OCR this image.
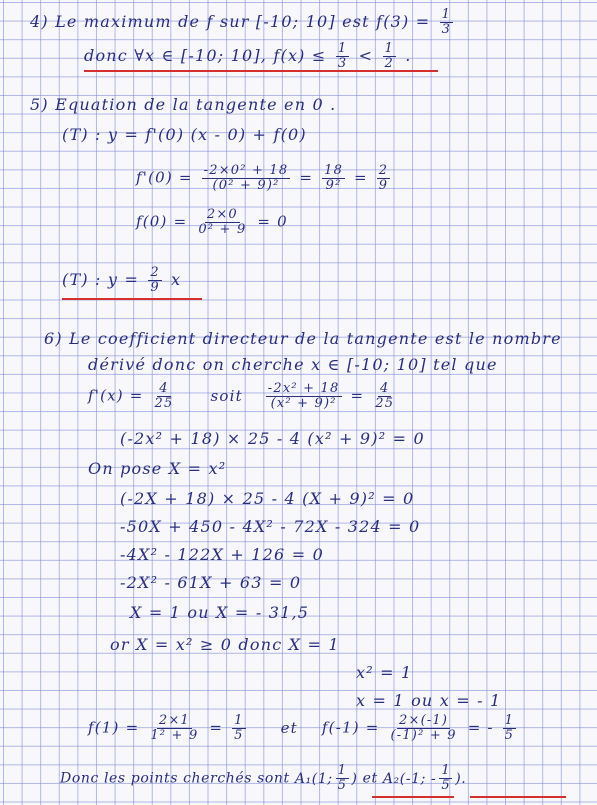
4) Le maximum de f sur [-10; 10] est $f(3) = \frac{1}{3}$
donc ∀x ∈ [-10; 10], $f(x) \le \frac{1}{3} < \frac{1}{2}$ .
5) Equation de la tangente en 0 .
(T) : y = f'(0) (x - 0) + f(0)
$f'(0) = \frac{\text{-2×0² + 18}}{\text{(0² + 9)²}} = \frac{18}{\text{9²}} = \frac{2}{9}$
$f(0) = \frac{2\times 0}{\text{0² + 9}} = 0$
(T) : $y = \frac{2}{9}$ x
6) Le coefficient directeur de la tangente est le nombre
dérivé donc on cherche x ∈ [-10; 10] tel que
$f'(x) = \frac{4}{25}$ soit $\frac{\text{-2x² + 18}}{\text{(x² + 9)²}} = \frac{4}{25}$
(-2x² + 18) × 25 - 4 (x² + 9)² = 0
On pose X = x²
(-2X + 18) × 25 - 4 (X + 9)² = 0
-50X + 450 - 4X² - 72X - 324 = 0
-4X² - 122X + 126 = 0
-2X² - 61X + 63 = 0
X = 1 ou X = - 31,5
or X = x² ≥ 0 donc X = 1
x² = 1
x = 1 ou x = - 1
$f(1) = \frac{2\times 1}{\text{1² + 9}} = \frac{1}{5}$ et $f(-1) = \frac{2\times(-1)}{\text{(-1)² + 9}}$ = - $\frac{1}{5}$
Donc les points cherchés sont A₁(1; $\frac{1}{5}$ ) et A₂(-1; - $\frac{1}{5}$ ).
